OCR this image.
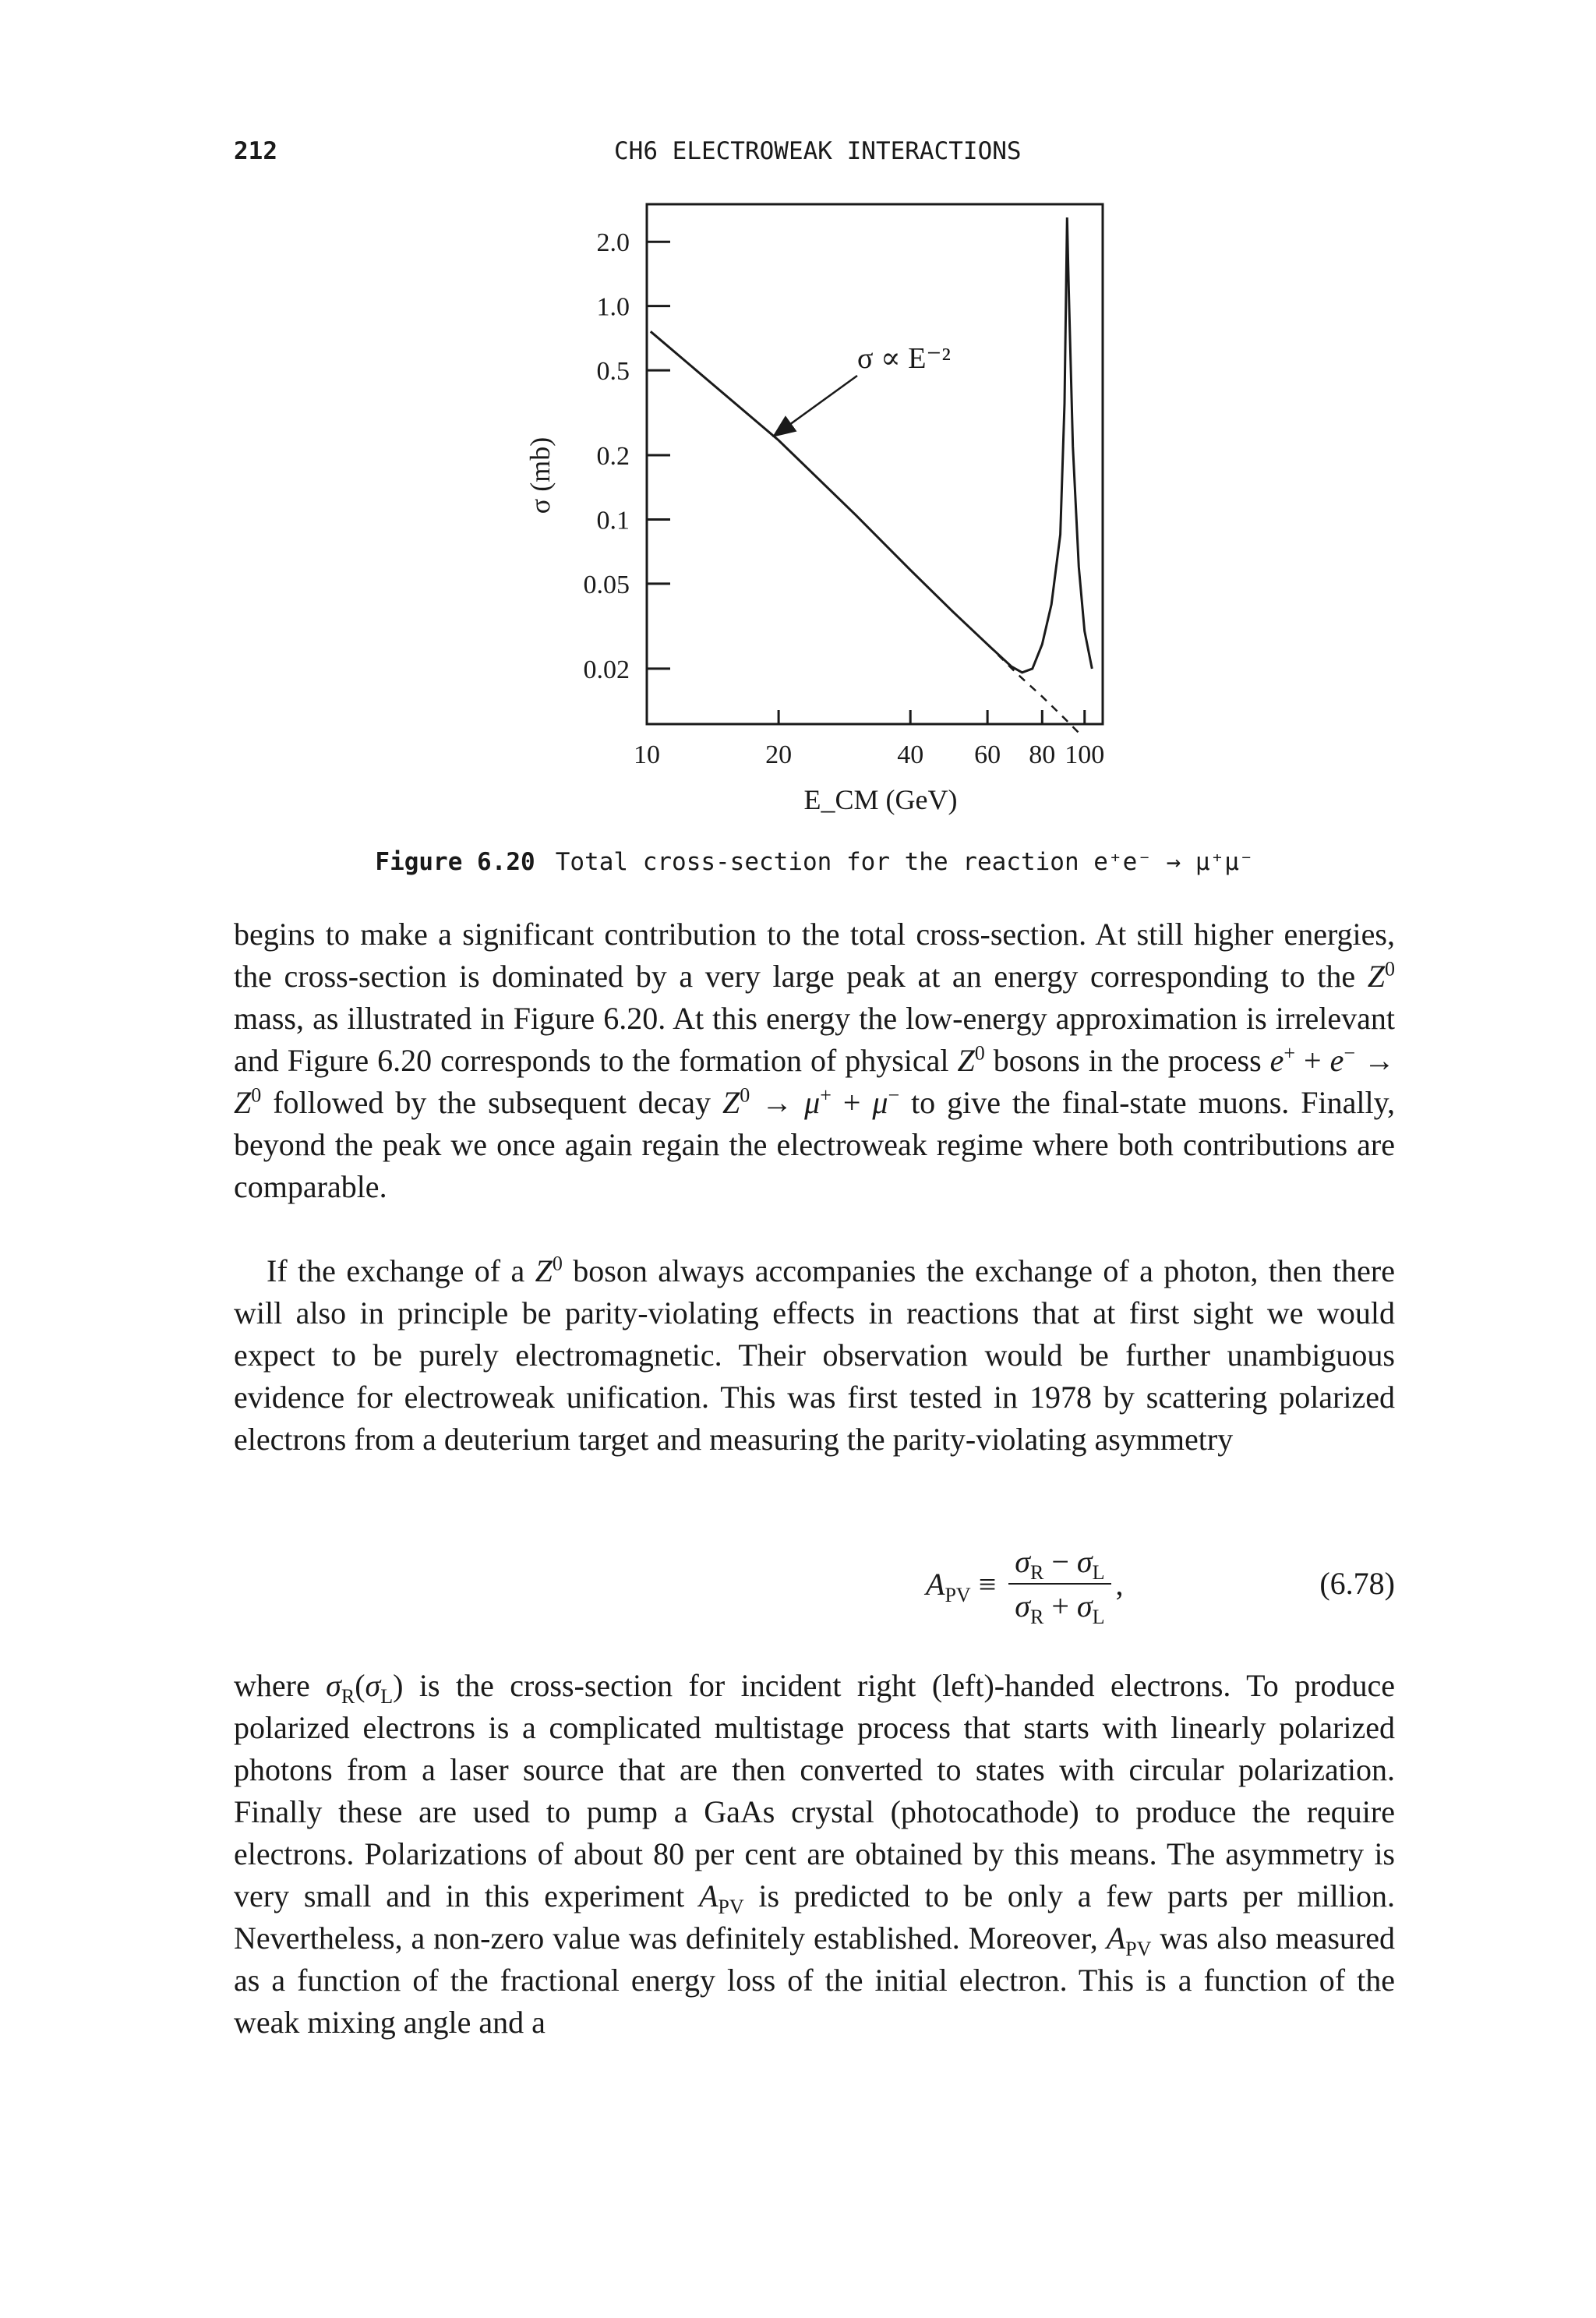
212	CH6 ELECTROWEAK INTERACTIONS
2.0
1.0
0.5
0.2
0.1
0.05
0.02
10	20	40 60 80 100
σ (mb)
E_CM (GeV)
σ ∝ E⁻²
Figure 6.20 Total cross-section for the reaction e⁺e⁻ → μ⁺μ⁻
begins to make a significant contribution to the total cross-section. At still higher energies, the cross-section is dominated by a very large peak at an energy corresponding to the $Z^0$ mass, as illustrated in Figure 6.20. At this energy the low-energy approximation is irrelevant and Figure 6.20 corresponds to the formation of physical $Z^0$ bosons in the process $e^+ + e^- \to Z^0$ followed by the subsequent decay $Z^0 \to \mu^+ + \mu^-$ to give the final-state muons. Finally, beyond the peak we once again regain the electroweak regime where both contributions are comparable.
If the exchange of a $Z^0$ boson always accompanies the exchange of a photon, then there will also in principle be parity-violating effects in reactions that at first sight we would expect to be purely electromagnetic. Their observation would be further unambiguous evidence for electroweak unification. This was first tested in 1978 by scattering polarized electrons from a deuterium target and measuring the parity-violating asymmetry
$A_{PV} \equiv \frac{\sigma_R - \sigma_L}{\sigma_R + \sigma_L}$ ,	(6.78)
where $\sigma_R(\sigma_L)$ is the cross-section for incident right (left)-handed electrons. To produce polarized electrons is a complicated multistage process that starts with linearly polarized photons from a laser source that are then converted to states with circular polarization. Finally these are used to pump a GaAs crystal (photocathode) to produce the require electrons. Polarizations of about 80 per cent are obtained by this means. The asymmetry is very small and in this experiment $A_{PV}$ is predicted to be only a few parts per million. Nevertheless, a non-zero value was definitely established. Moreover, $A_{PV}$ was also measured as a function of the fractional energy loss of the initial electron. This is a function of the weak mixing angle and a
